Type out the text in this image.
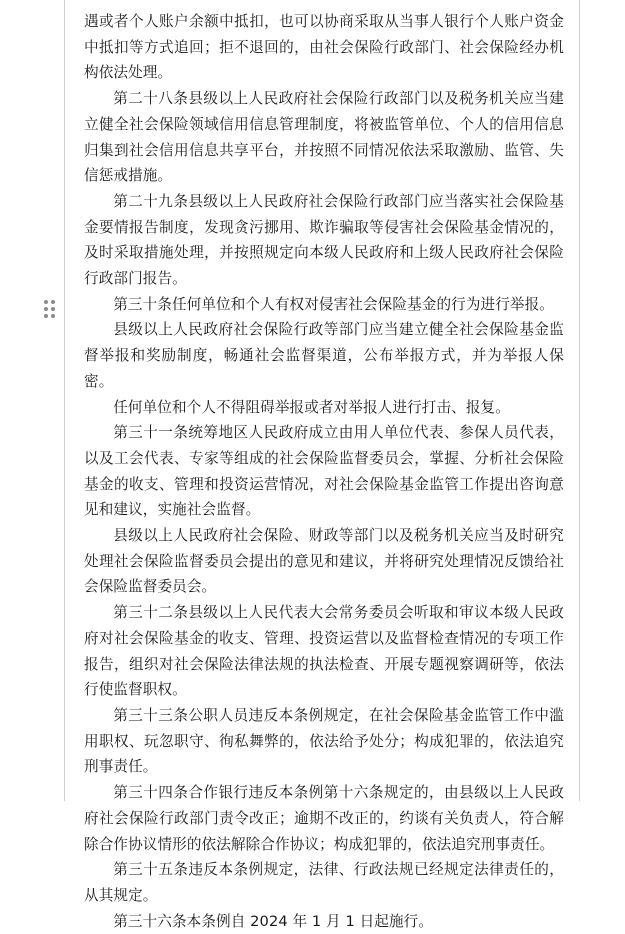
遇或者个人账户余额中抵扣，也可以协商采取从当事人银行个人账户资金中抵扣等方式追回；拒不退回的，由社会保险行政部门、社会保险经办机构依法处理。

第二十八条县级以上人民政府社会保险行政部门以及税务机关应当建立健全社会保险领域信用信息管理制度，将被监管单位、个人的信用信息归集到社会信用信息共享平台，并按照不同情况依法采取激励、监管、失信惩戒措施。

第二十九条县级以上人民政府社会保险行政部门应当落实社会保险基金要情报告制度，发现贪污挪用、欺诈骗取等侵害社会保险基金情况的，及时采取措施处理，并按照规定向本级人民政府和上级人民政府社会保险行政部门报告。

第三十条任何单位和个人有权对侵害社会保险基金的行为进行举报。

县级以上人民政府社会保险行政等部门应当建立健全社会保险基金监督举报和奖励制度，畅通社会监督渠道，公布举报方式，并为举报人保密。

任何单位和个人不得阻碍举报或者对举报人进行打击、报复。

第三十一条统筹地区人民政府成立由用人单位代表、参保人员代表，以及工会代表、专家等组成的社会保险监督委员会，掌握、分析社会保险基金的收支、管理和投资运营情况，对社会保险基金监管工作提出咨询意见和建议，实施社会监督。

县级以上人民政府社会保险、财政等部门以及税务机关应当及时研究处理社会保险监督委员会提出的意见和建议，并将研究处理情况反馈给社会保险监督委员会。

第三十二条县级以上人民代表大会常务委员会听取和审议本级人民政府对社会保险基金的收支、管理、投资运营以及监督检查情况的专项工作报告，组织对社会保险法律法规的执法检查、开展专题视察调研等，依法行使监督职权。

第三十三条公职人员违反本条例规定，在社会保险基金监管工作中滥用职权、玩忽职守、徇私舞弊的，依法给予处分；构成犯罪的，依法追究刑事责任。

第三十四条合作银行违反本条例第十六条规定的，由县级以上人民政府社会保险行政部门责令改正；逾期不改正的，约谈有关负责人，符合解除合作协议情形的依法解除合作协议；构成犯罪的，依法追究刑事责任。

第三十五条违反本条例规定，法律、行政法规已经规定法律责任的，从其规定。

第三十六条本条例自 2024 年 1 月 1 日起施行。
